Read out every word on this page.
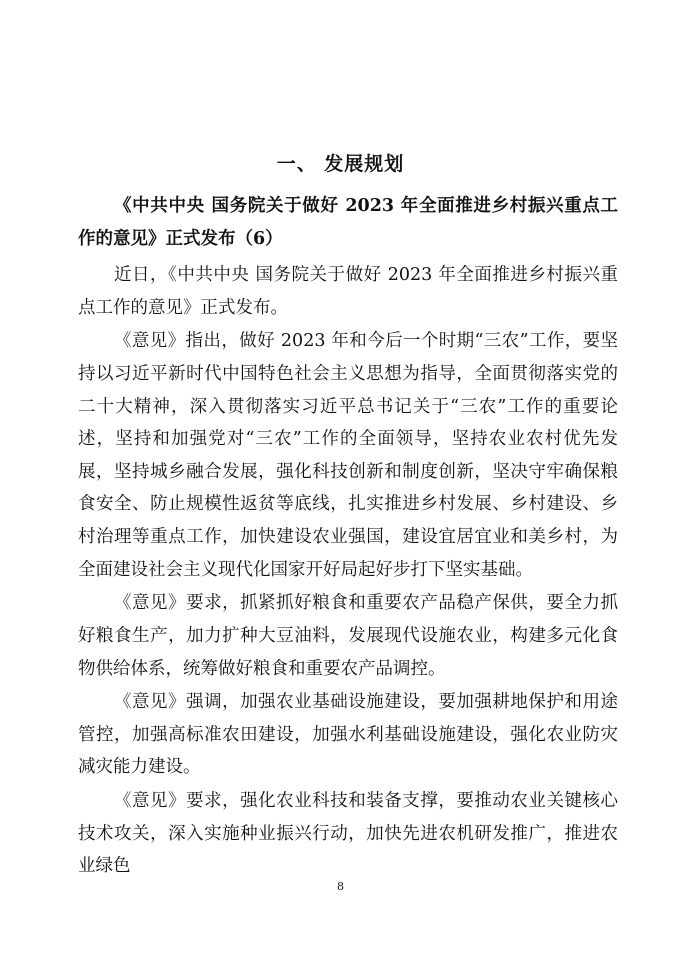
一、 发展规划
《中共中央 国务院关于做好 2023 年全面推进乡村振兴重点工作的意见》正式发布（6）

近日，《中共中央 国务院关于做好 2023 年全面推进乡村振兴重点工作的意见》正式发布。

《意见》指出，做好 2023 年和今后一个时期“三农”工作，要坚持以习近平新时代中国特色社会主义思想为指导，全面贯彻落实党的二十大精神，深入贯彻落实习近平总书记关于“三农”工作的重要论述，坚持和加强党对“三农”工作的全面领导，坚持农业农村优先发展，坚持城乡融合发展，强化科技创新和制度创新，坚决守牢确保粮食安全、防止规模性返贫等底线，扎实推进乡村发展、乡村建设、乡村治理等重点工作，加快建设农业强国，建设宜居宜业和美乡村，为全面建设社会主义现代化国家开好局起好步打下坚实基础。

《意见》要求，抓紧抓好粮食和重要农产品稳产保供，要全力抓好粮食生产，加力扩种大豆油料，发展现代设施农业，构建多元化食物供给体系，统筹做好粮食和重要农产品调控。

《意见》强调，加强农业基础设施建设，要加强耕地保护和用途管控，加强高标准农田建设，加强水利基础设施建设，强化农业防灾减灾能力建设。

《意见》要求，强化农业科技和装备支撑，要推动农业关键核心技术攻关，深入实施种业振兴行动，加快先进农机研发推广，推进农业绿色

8
